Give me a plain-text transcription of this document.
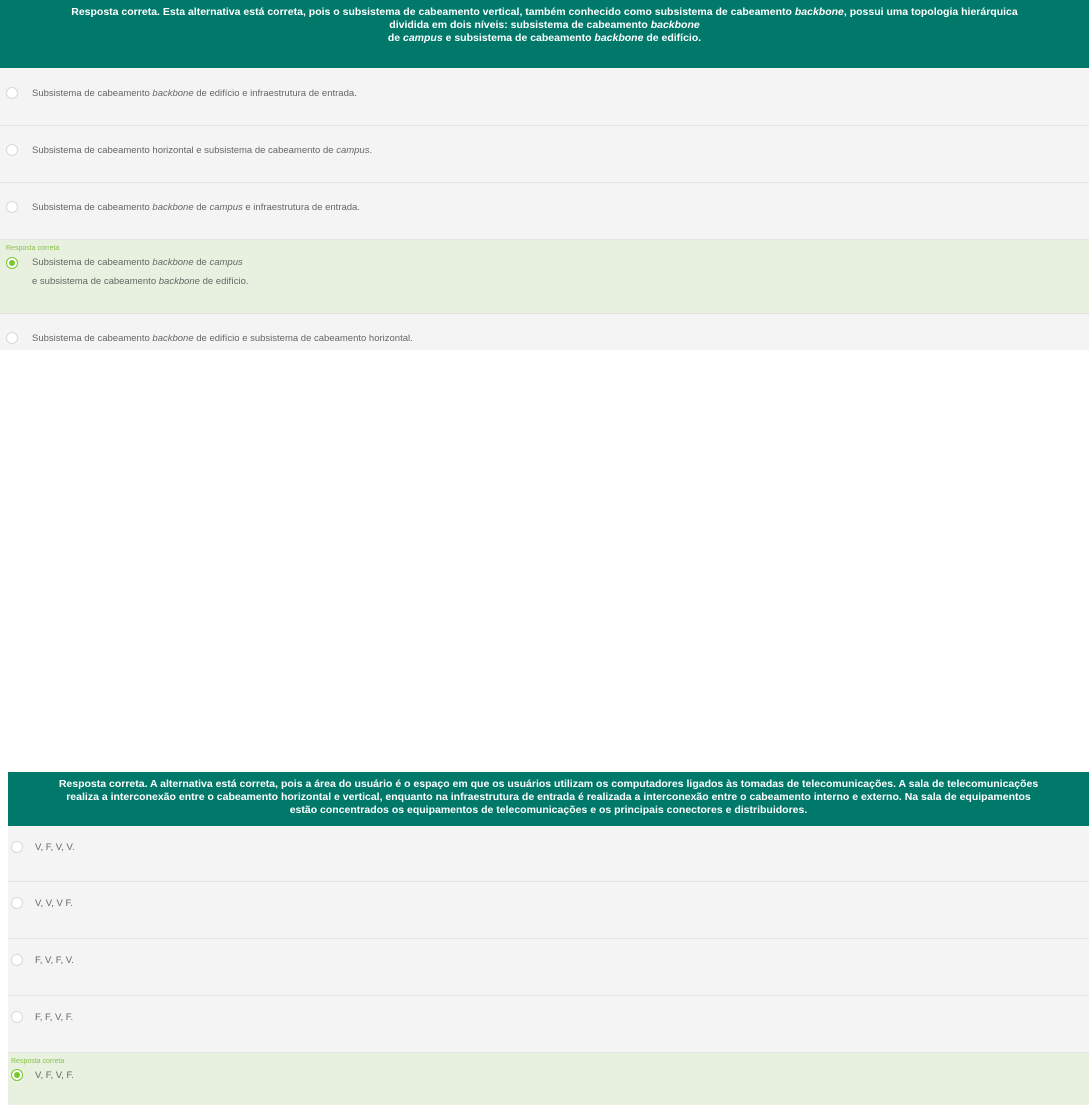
Resposta correta. Esta alternativa está correta, pois o subsistema de cabeamento vertical, também conhecido como subsistema de cabeamento backbone, possui uma topologia hierárquica
dividida em dois níveis: subsistema de cabeamento backbone
de campus e subsistema de cabeamento backbone de edifício.
Subsistema de cabeamento backbone de edifício e infraestrutura de entrada.
Subsistema de cabeamento horizontal e subsistema de cabeamento de campus.
Subsistema de cabeamento backbone de campus e infraestrutura de entrada.
Resposta correta
Subsistema de cabeamento backbone de campus
e subsistema de cabeamento backbone de edifício.
Subsistema de cabeamento backbone de edifício e subsistema de cabeamento horizontal.
Resposta correta. A alternativa está correta, pois a área do usuário é o espaço em que os usuários utilizam os computadores ligados às tomadas de telecomunicações. A sala de telecomunicações
realiza a interconexão entre o cabeamento horizontal e vertical, enquanto na infraestrutura de entrada é realizada a interconexão entre o cabeamento interno e externo. Na sala de equipamentos
estão concentrados os equipamentos de telecomunicações e os principais conectores e distribuidores.
V, F, V, V.
V, V, V F.
F, V, F, V.
F, F, V, F.
Resposta correta
V, F, V, F.
